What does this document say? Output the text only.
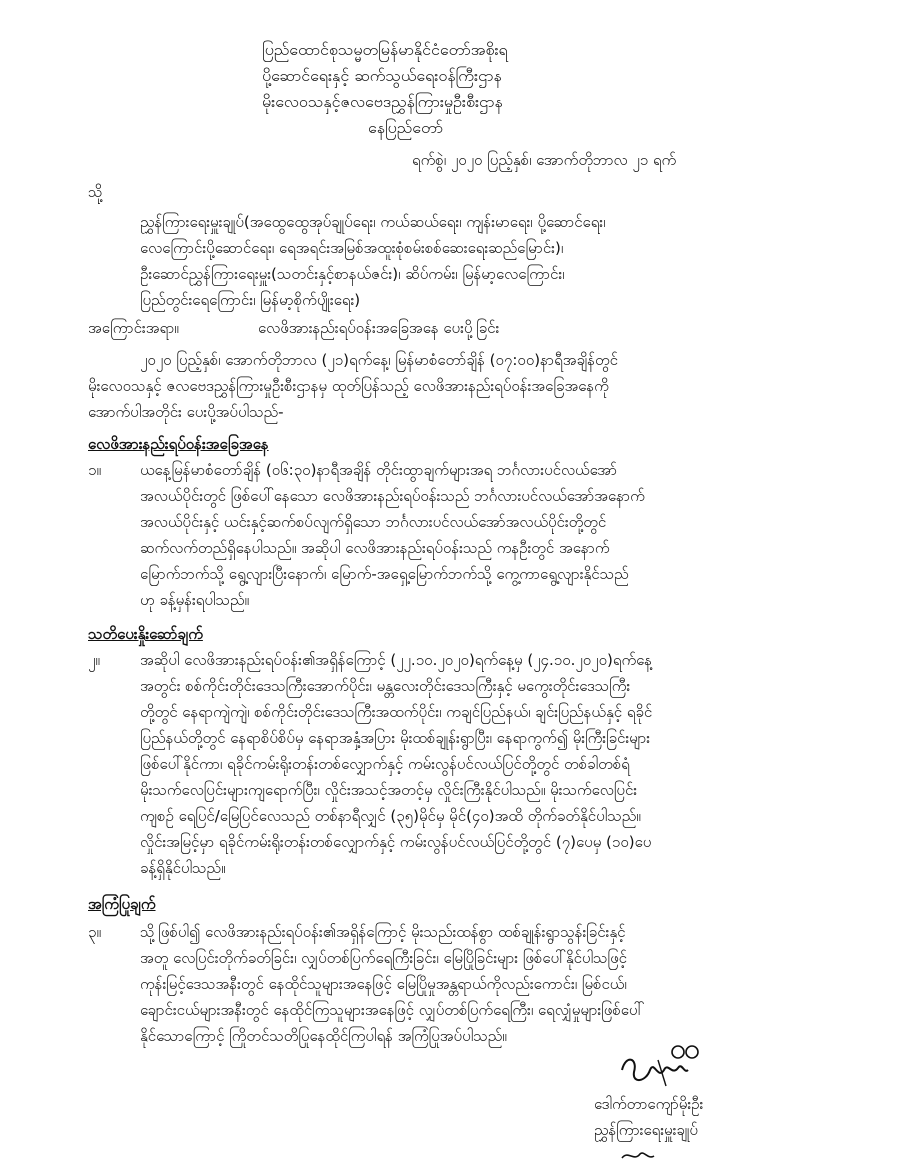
ပြည်ထောင်စုသမ္မတမြန်မာနိုင်ငံတော်အစိုးရ
ပို့ဆောင်ရေးနှင့် ဆက်သွယ်ရေးဝန်ကြီးဌာန
မိုးလေဝသနှင့်ဇလဗေဒညွှန်ကြားမှုဦးစီးဌာန
နေပြည်တော်
ရက်စွဲ၊ ၂၀၂၀ ပြည့်နှစ်၊ အောက်တိုဘာလ ၂၁ ရက်
သို့
ညွှန်ကြားရေးမှူးချုပ်(အထွေထွေအုပ်ချုပ်ရေး၊ ကယ်ဆယ်ရေး၊ ကျန်းမာရေး၊ ပို့ဆောင်ရေး၊
လေကြောင်းပို့ဆောင်ရေး၊ ရေအရင်းအမြစ်အထူးစုံစမ်းစစ်ဆေးရေးဆည်မြောင်း)၊
ဦးဆောင်ညွှန်ကြားရေးမှူး(သတင်းနှင့်စာနယ်ဇင်း)၊ ဆိပ်ကမ်း၊ မြန်မာ့လေကြောင်း၊
ပြည်တွင်းရေကြောင်း၊ မြန်မာ့စိုက်ပျိုးရေး)
အကြောင်းအရာ။	လေဖိအားနည်းရပ်ဝန်းအခြေအနေ ပေးပို့ခြင်း
၂၀၂၀ ပြည့်နှစ်၊ အောက်တိုဘာလ (၂၁)ရက်နေ့၊ မြန်မာစံတော်ချိန် (၀၇:၀၀)နာရီအချိန်တွင်
မိုးလေဝသနှင့် ဇလဗေဒညွှန်ကြားမှုဦးစီးဌာနမှ ထုတ်ပြန်သည့် လေဖိအားနည်းရပ်ဝန်းအခြေအနေကို
အောက်ပါအတိုင်း ပေးပို့အပ်ပါသည်-
လေဖိအားနည်းရပ်ဝန်းအခြေအနေ
၁။	ယနေ့မြန်မာစံတော်ချိန် (၀၆:၃၀)နာရီအချိန် တိုင်းထွာချက်များအရ ဘင်္ဂလားပင်လယ်အော်
အလယ်ပိုင်းတွင် ဖြစ်ပေါ်နေသော လေဖိအားနည်းရပ်ဝန်းသည် ဘင်္ဂလားပင်လယ်အော်အနောက်
အလယ်ပိုင်းနှင့် ယင်းနှင့်ဆက်စပ်လျက်ရှိသော ဘင်္ဂလားပင်လယ်အော်အလယ်ပိုင်းတို့တွင်
ဆက်လက်တည်ရှိနေပါသည်။ အဆိုပါ လေဖိအားနည်းရပ်ဝန်းသည် ကနဦးတွင် အနောက်
မြောက်ဘက်သို့ ရွေ့လျားပြီးနောက်၊ မြောက်-အရှေ့မြောက်ဘက်သို့ ကွေ့ကာရွေ့လျားနိုင်သည်
ဟု ခန့်မှန်းရပါသည်။
သတိပေးနှိုးဆော်ချက်
၂။	အဆိုပါ လေဖိအားနည်းရပ်ဝန်း၏အရှိန်ကြောင့် (၂၂.၁၀.၂၀၂၀)ရက်နေ့မှ (၂၄.၁၀.၂၀၂၀)ရက်နေ့
အတွင်း စစ်ကိုင်းတိုင်းဒေသကြီးအောက်ပိုင်း၊ မန္တလေးတိုင်းဒေသကြီးနှင့် မကွေးတိုင်းဒေသကြီး
တို့တွင် နေရာကျဲကျဲ၊ စစ်ကိုင်းတိုင်းဒေသကြီးအထက်ပိုင်း၊ ကချင်ပြည်နယ်၊ ချင်းပြည်နယ်နှင့် ရခိုင်
ပြည်နယ်တို့တွင် နေရာစိပ်စိပ်မှ နေရာအနှံ့အပြား မိုးထစ်ချုန်းရွာပြီး၊ နေရာကွက်၍ မိုးကြီးခြင်းများ
ဖြစ်ပေါ်နိုင်ကာ၊ ရခိုင်ကမ်းရိုးတန်းတစ်လျှောက်နှင့် ကမ်းလွန်ပင်လယ်ပြင်တို့တွင် တစ်ခါတစ်ရံ
မိုးသက်လေပြင်းများကျရောက်ပြီး၊ လှိုင်းအသင့်အတင့်မှ လှိုင်းကြီးနိုင်ပါသည်။ မိုးသက်လေပြင်း
ကျစဉ် ရေပြင်/မြေပြင်လေသည် တစ်နာရီလျှင် (၃၅)မိုင်မှ မိုင်(၄၀)အထိ တိုက်ခတ်နိုင်ပါသည်။
လှိုင်းအမြင့်မှာ ရခိုင်ကမ်းရိုးတန်းတစ်လျှောက်နှင့် ကမ်းလွန်ပင်လယ်ပြင်တို့တွင် (၇)ပေမှ (၁၀)ပေ
ခန့်ရှိနိုင်ပါသည်။
အကြံပြုချက်
၃။	သို့ဖြစ်ပါ၍ လေဖိအားနည်းရပ်ဝန်း၏အရှိန်ကြောင့် မိုးသည်းထန်စွာ ထစ်ချုန်းရွာသွန်းခြင်းနှင့်
အတူ လေပြင်းတိုက်ခတ်ခြင်း၊ လျှပ်တစ်ပြက်ရေကြီးခြင်း၊ မြေပြိုခြင်းများ ဖြစ်ပေါ်နိုင်ပါသဖြင့်
ကုန်းမြင့်ဒေသအနီးတွင် နေထိုင်သူများအနေဖြင့် မြေပြိုမှုအန္တရာယ်ကိုလည်းကောင်း၊ မြစ်ငယ်၊
ချောင်းငယ်များအနီးတွင် နေထိုင်ကြသူများအနေဖြင့် လျှပ်တစ်ပြက်ရေကြီး၊ ရေလျှံမှုများဖြစ်ပေါ်
နိုင်သောကြောင့် ကြိုတင်သတိပြုနေထိုင်ကြပါရန် အကြံပြုအပ်ပါသည်။
ဒေါက်တာကျော်မိုးဦး
ညွှန်ကြားရေးမှူးချုပ်
